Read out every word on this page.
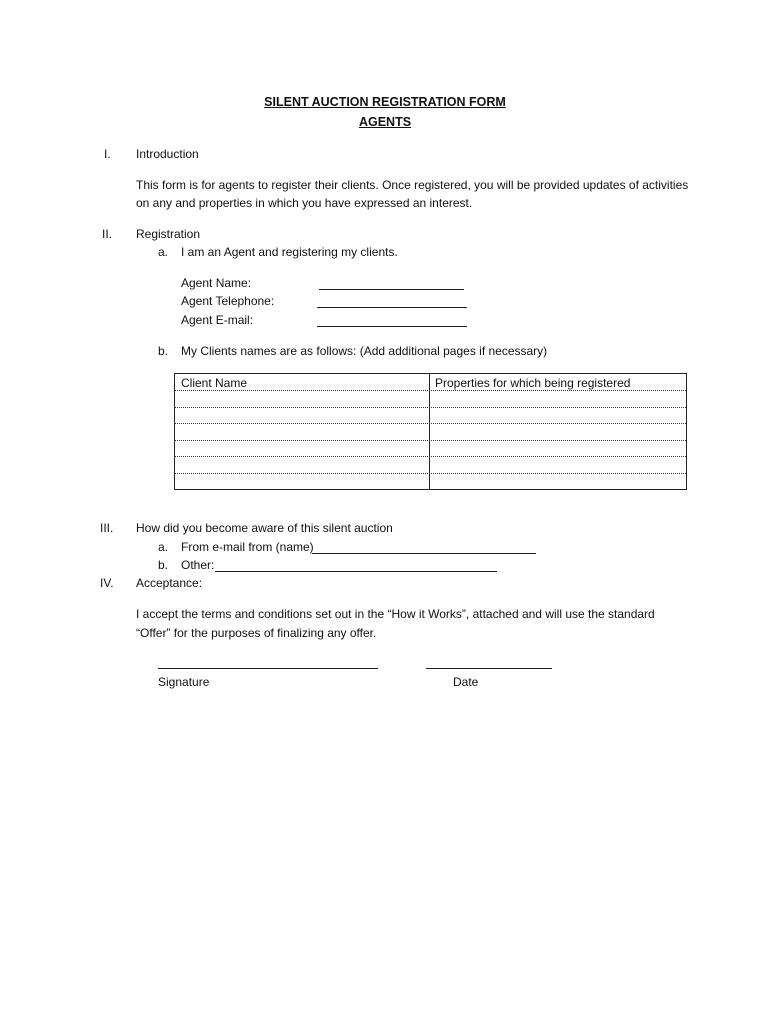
SILENT AUCTION REGISTRATION FORM
AGENTS
I. Introduction
This form is for agents to register their clients. Once registered, you will be provided updates of activities
on any and properties in which you have expressed an interest.
II. Registration
a. I am an Agent and registering my clients.
Agent Name:
Agent Telephone:
Agent E-mail:
b. My Clients names are as follows: (Add additional pages if necessary)
Client Name	Properties for which being registered
III. How did you become aware of this silent auction
a. From e-mail from (name)
b. Other:
IV. Acceptance:
I accept the terms and conditions set out in the “How it Works”, attached and will use the standard
“Offer” for the purposes of finalizing any offer.
Signature	Date
